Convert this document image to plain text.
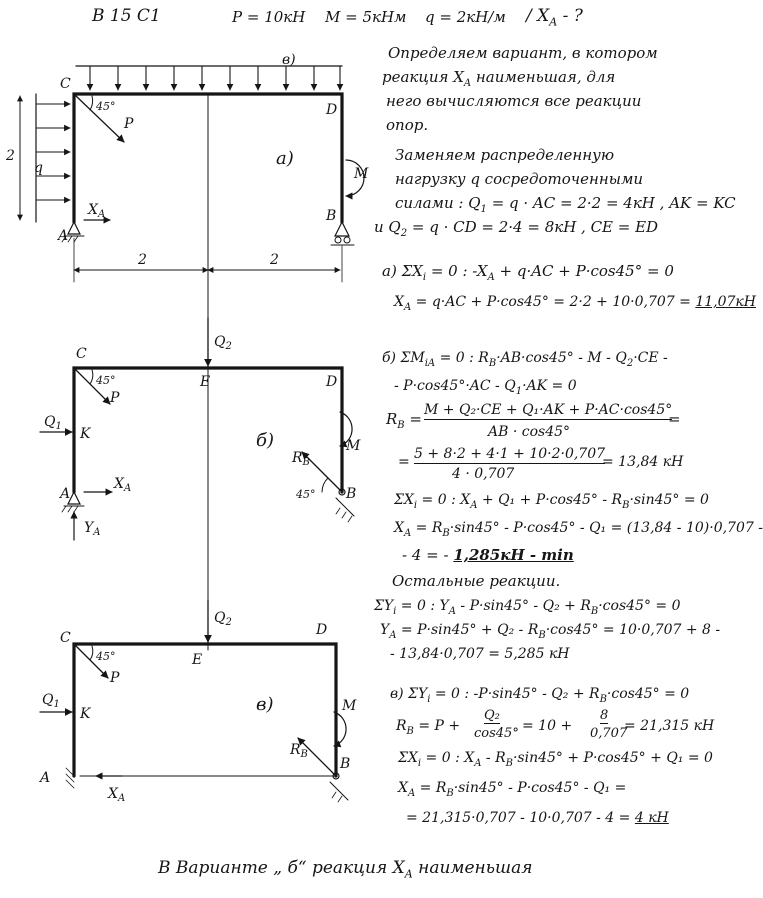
В 15 С1	P = 10кН M = 5кНм $q = 2кН/м / X_A$ - ?
Определяем вариант, в котором
реакция $X_A$ наименьшая, для
него вычисляются все реакции
опор.
Заменяем распределенную
нагрузку q сосредоточенными
силами : $Q_1 = q$ · AC = 2·2 = 4кН , AK = KC
и $Q_2 = q$ · CD = 2·4 = 8кН , CE = ED
a) $\Sigma X_i = 0$ : $-X_A + q\cdot AC + P\cdot\cos 45^\circ = 0$
$X_A = q\cdot AC + P\cdot\cos 45^\circ = 2\cdot 2 + 10\cdot 0,707 = 11,07кН$
б) $\Sigma M_{iA} = 0$ : $R_B\cdot AB\cdot\cos 45^\circ - M - Q_2\cdot CE$ -
- $P\cdot\cos 45^\circ\cdot AC - Q_1\cdot AK = 0$
$R_B = M + Q_2\cdot CE + Q_1\cdot AK + P\cdot AC\cdot\cos 45^\circ$
AB · cos45°
=
= 5 + 8·2 + 4·1 + 10·2·0,707
4 · 0,707
= 13,84 кН
$\Sigma X_i = 0$ : $X_A + Q_1 + P\cdot\cos 45^\circ - R_B\cdot\sin 45^\circ = 0$
$X_A = R_B\cdot\sin 45^\circ - P\cdot\cos 45^\circ - Q_1 = (13,84 - 10)\cdot 0,707$ -
- 4 = - 1,285кН - min
Остальные реакции.
$\Sigma Y_i = 0$ : $Y_A - P\cdot\sin 45^\circ - Q_2 + R_B\cdot\cos 45^\circ = 0$
$Y_A = P\cdot\sin 45^\circ + Q_2 - R_B\cdot\cos 45^\circ = 10\cdot 0,707 + 8$ -
- 13,84·0,707 = 5,285 кН
в) $\Sigma Y_i = 0$ : $-P\cdot\sin 45^\circ - Q_2 + R_B\cdot\cos 45^\circ = 0$
$R_B = P$ +
Q₂
cos45° = 10 +
8
0,707
= 21,315 кН
$\Sigma X_i = 0$ : $X_A - R_B\cdot\sin 45^\circ + P\cdot\cos 45^\circ + Q_1 = 0$
$X_A = R_B\cdot\sin 45^\circ - P\cdot\cos 45^\circ - Q_1$ =
= 21,315·0,707 - 10·0,707 - 4 = 4 кН
В Варианте „ б“ реакция $X_A$ наименьшая
C
D
A
B
45°
P
M
q
$X_A$
2
2	2
в)
a)
C
D
E
K
A	B
45°
P
M
$R_B$
45°
$Q_1$
$Q_2$
$X_A$
$Y_A$
б)
C	D
E
K
A
B
45°
P
M
$R_B$
$Q_1$
$Q_2$
$X_A$
в)
